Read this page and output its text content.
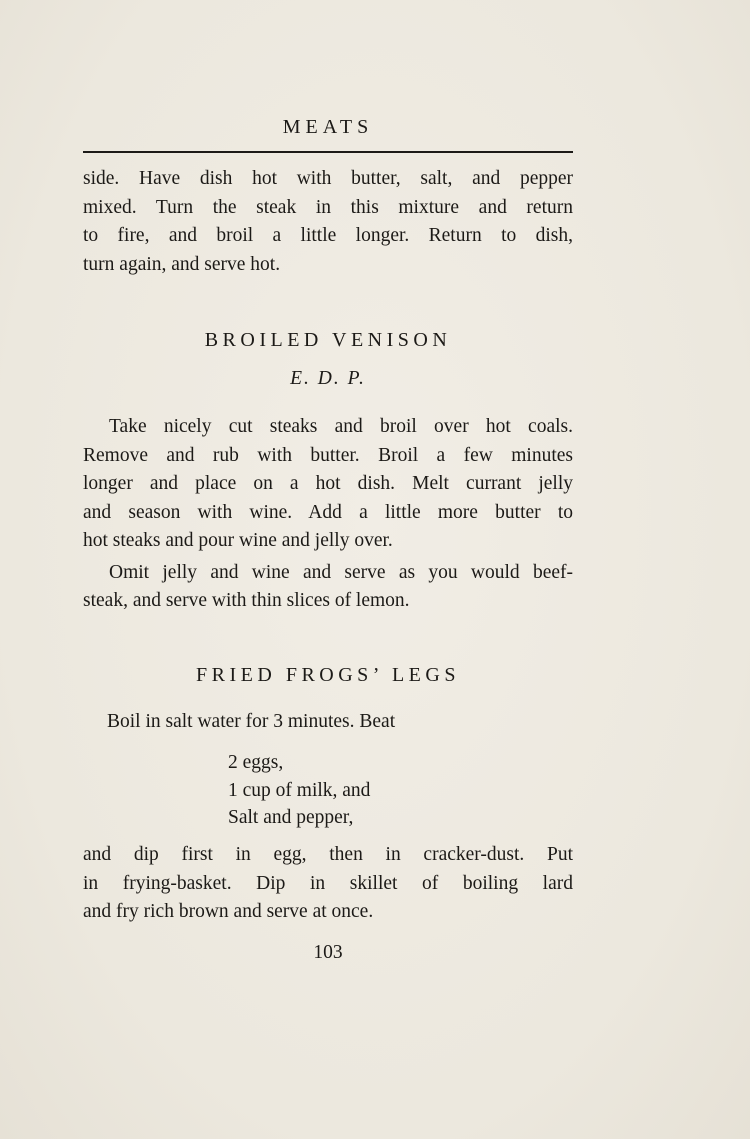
MEATS

side. Have dish hot with butter, salt, and pepper
mixed. Turn the steak in this mixture and return
to fire, and broil a little longer. Return to dish,
turn again, and serve hot.

BROILED VENISON
E. D. P.

Take nicely cut steaks and broil over hot coals.
Remove and rub with butter. Broil a few minutes
longer and place on a hot dish. Melt currant jelly
and season with wine. Add a little more butter to
hot steaks and pour wine and jelly over.

Omit jelly and wine and serve as you would beef-
steak, and serve with thin slices of lemon.

FRIED FROGS’ LEGS
Boil in salt water for 3 minutes. Beat
2 eggs,
1 cup of milk, and
Salt and pepper,

and dip first in egg, then in cracker-dust. Put
in frying-basket. Dip in skillet of boiling lard
and fry rich brown and serve at once.

103
